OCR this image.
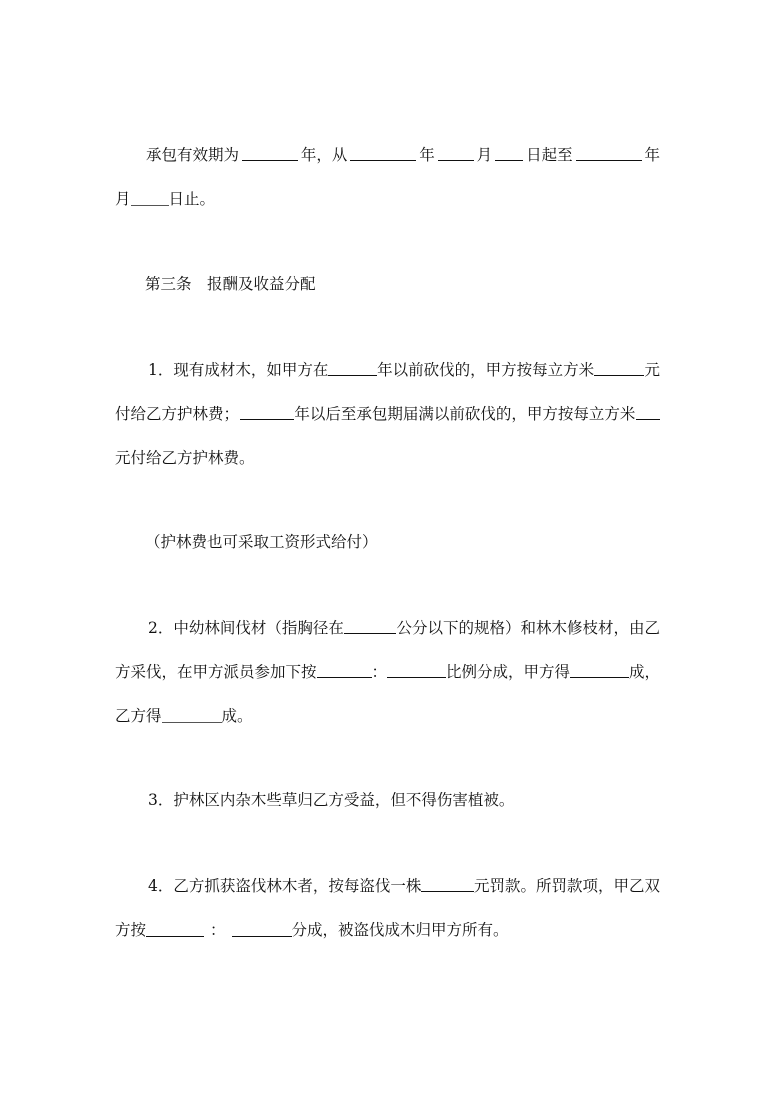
承包有效期为	年，从	年	月 日起至	年
月 日止。
第三条　报酬及收益分配
1．现有成材木，如甲方在	年以前砍伐的，甲方按每立方米	元
付给乙方护林费；	年以后至承包期届满以前砍伐的，甲方按每立方米
元付给乙方护林费。
（护林费也可采取工资形式给付）
2．中幼林间伐材（指胸径在	公分以下的规格）和林木修枝材，由乙
方采伐，在甲方派员参加下按	：	比例分成，甲方得	成，
乙方得	成。
3．护林区内杂木些草归乙方受益，但不得伤害植被。
4．乙方抓获盗伐林木者，按每盗伐一株	元罚款。所罚款项，甲乙双
方按	：	分成，被盗伐成木归甲方所有。
